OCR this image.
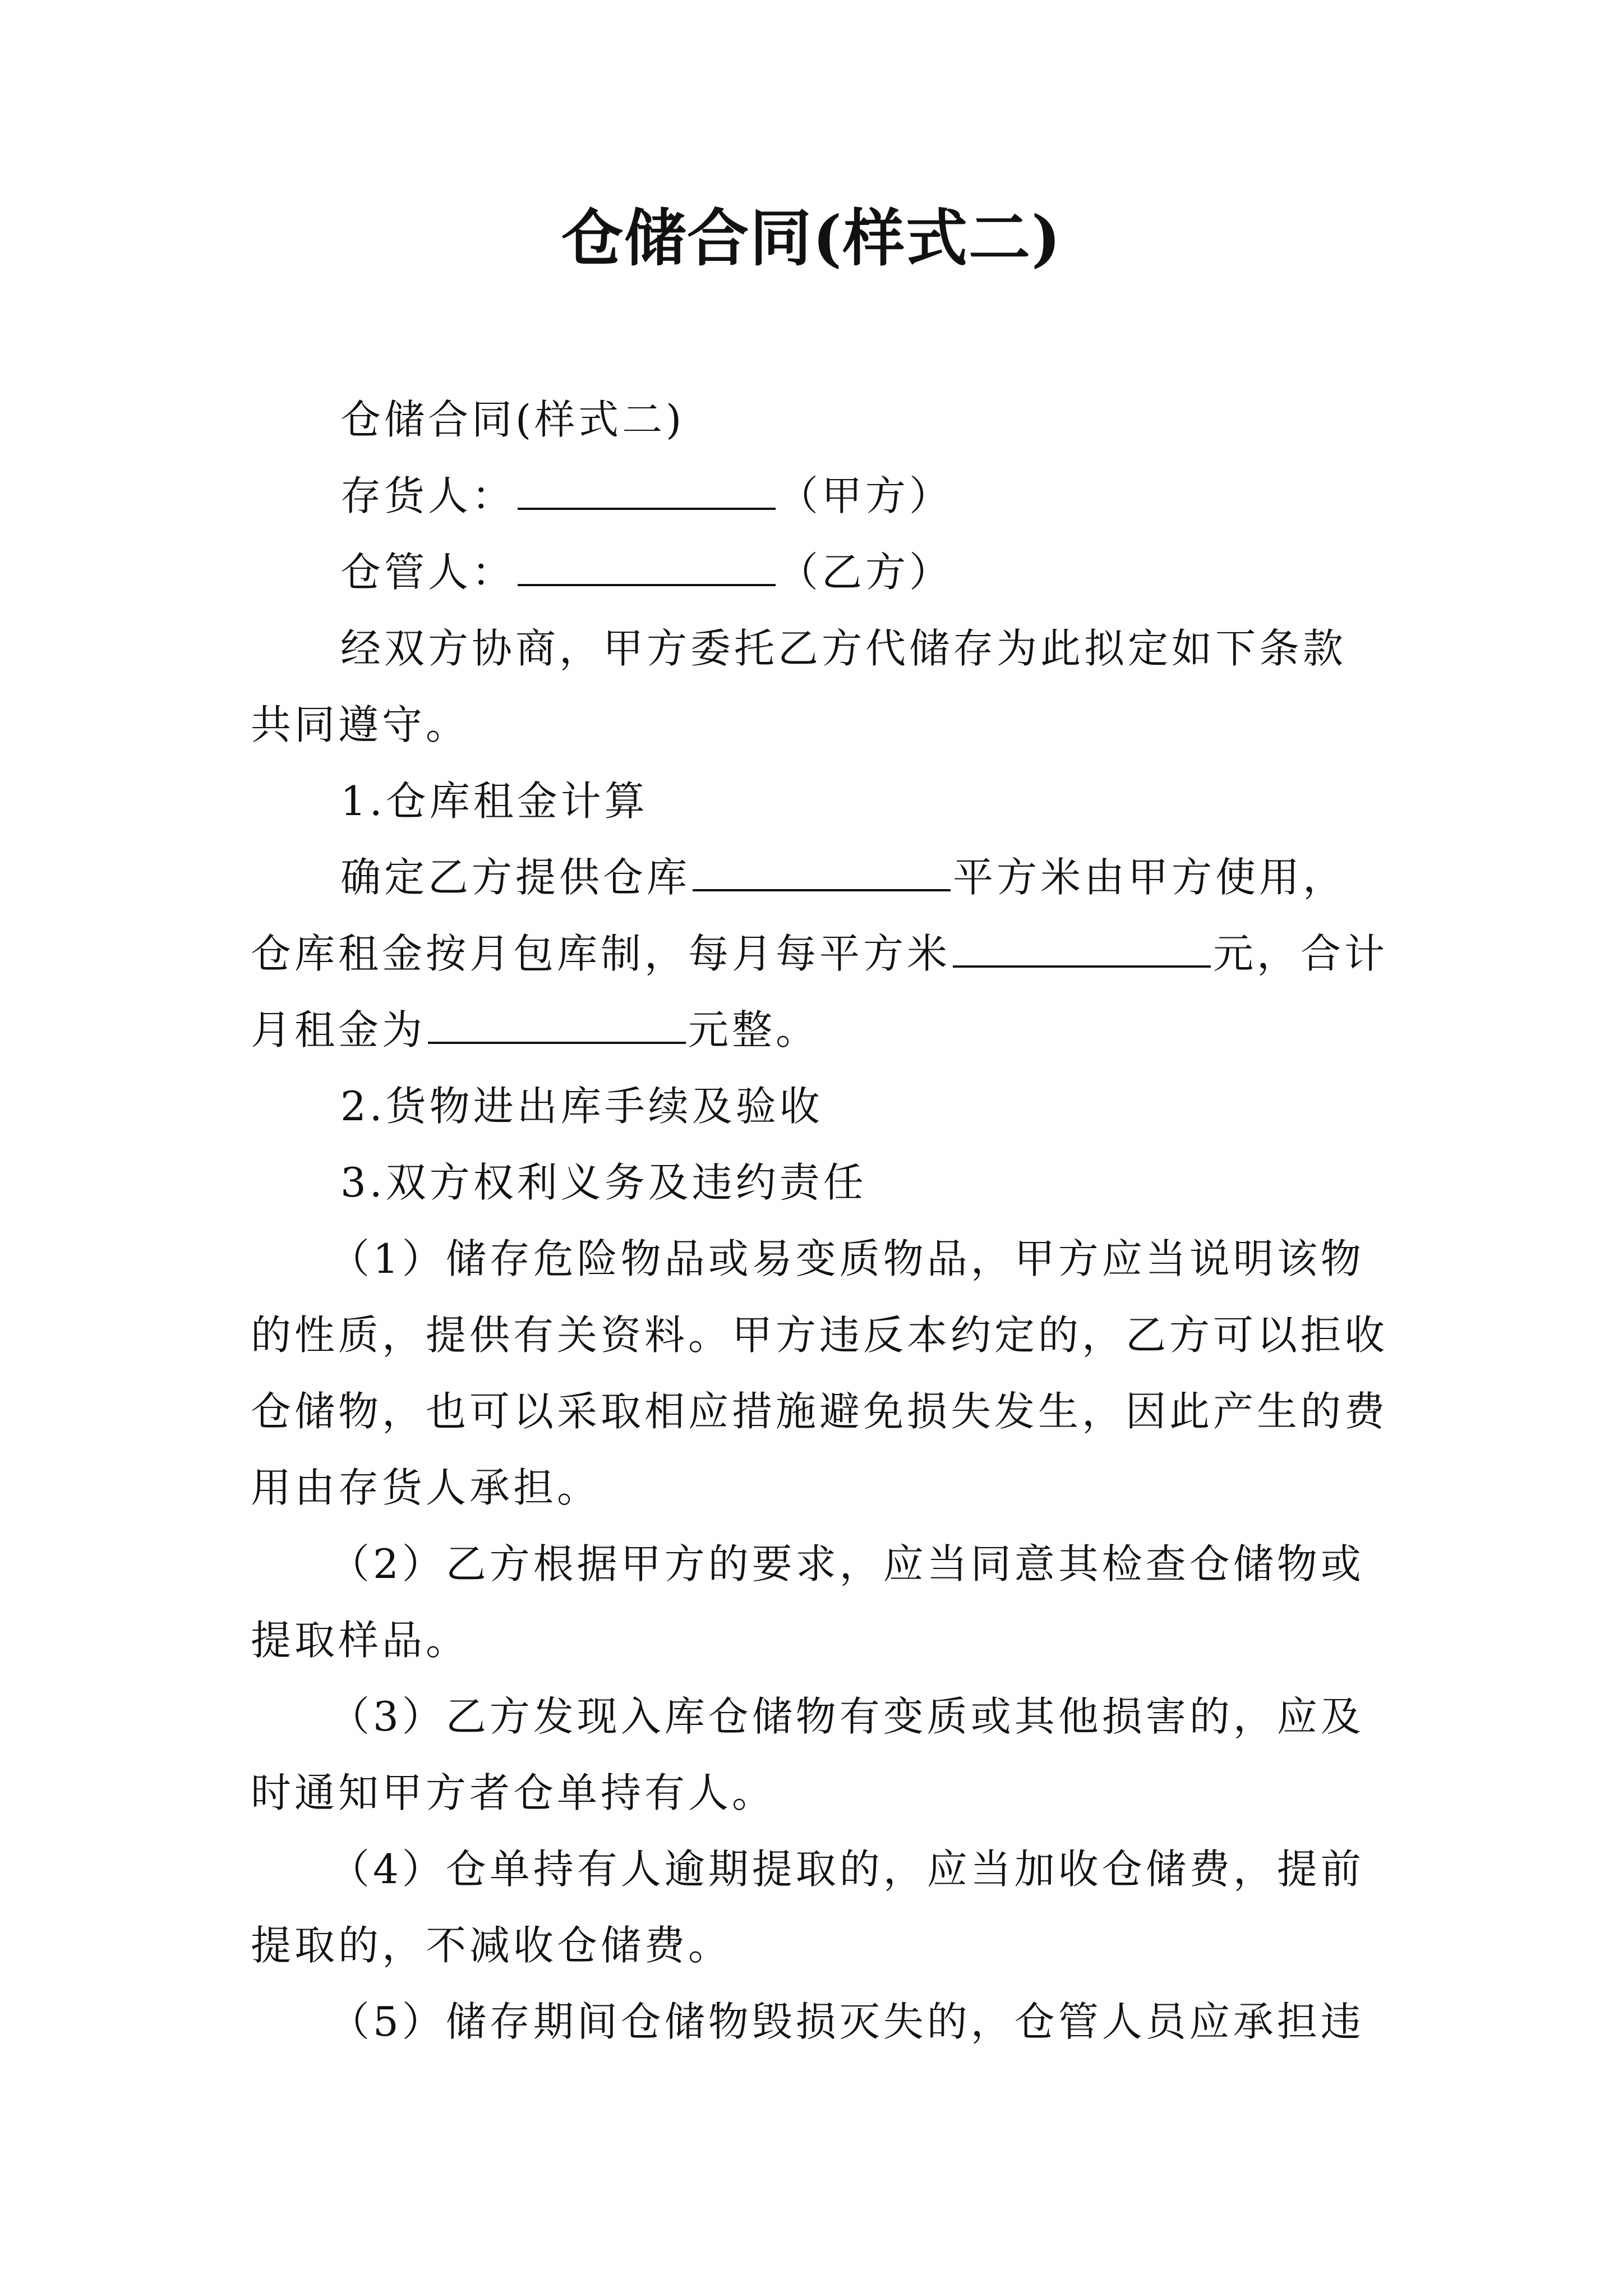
仓储合同(样式二)

仓储合同(样式二)

存货人：	（甲方）

仓管人：	（乙方）

经双方协商，甲方委托乙方代储存为此拟定如下条款共同遵守。

1.仓库租金计算

确定乙方提供仓库	平方米由甲方使用，仓库租金按月包库制，每月每平方米	元，合计月租金为	元整。

2.货物进出库手续及验收

3.双方权利义务及违约责任

（1）储存危险物品或易变质物品，甲方应当说明该物的性质，提供有关资料。甲方违反本约定的，乙方可以拒收仓储物，也可以采取相应措施避免损失发生，因此产生的费用由存货人承担。

（2）乙方根据甲方的要求，应当同意其检查仓储物或提取样品。

（3）乙方发现入库仓储物有变质或其他损害的，应及时通知甲方者仓单持有人。

（4）仓单持有人逾期提取的，应当加收仓储费，提前提取的，不减收仓储费。

（5）储存期间仓储物毁损灭失的，仓管人员应承担违
